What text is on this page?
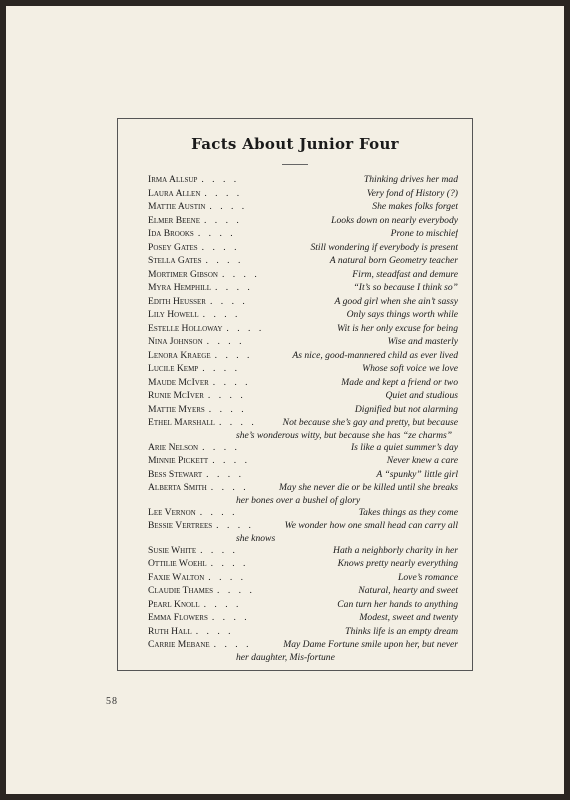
Facts About Junior Four
Irma Allsup . . . .	Thinking drives her mad
Laura Allen . . . .	Very fond of History (?)
Mattie Austin . . . .	She makes folks forget
Elmer Beene . . . .	Looks down on nearly everybody
Ida Brooks . . . .	Prone to mischief
Posey Gates . . . .	Still wondering if everybody is present
Stella Gates . . . .	A natural born Geometry teacher
Mortimer Gibson . . . .	Firm, steadfast and demure
Myra Hemphill . . . .	“It’s so because I think so”
Edith Heusser . . . .	A good girl when she ain’t sassy
Lily Howell . . . .	Only says things worth while
Estelle Holloway . . . .	Wit is her only excuse for being
Nina Johnson . . . .	Wise and masterly
Lenora Kraege . . . .	As nice, good-mannered child as ever lived
Lucile Kemp . . . .	Whose soft voice we love
Maude McIver . . . .	Made and kept a friend or two
Runie McIver . . . .	Quiet and studious
Mattie Myers . . . .	Dignified but not alarming
Ethel Marshall . . . .	Not because she’s gay and pretty, but because
she’s wonderous witty, but because she has “ze charms”
Arie Nelson . . . .	Is like a quiet summer’s day
Minnie Pickett . . . .	Never knew a care
Bess Stewart . . . .	A “spunky” little girl
Alberta Smith . . . .	May she never die or be killed until she breaks
her bones over a bushel of glory
Lee Vernon . . . .	Takes things as they come
Bessie Vertrees . . . .	We wonder how one small head can carry all
she knows
Susie White . . . .	Hath a neighborly charity in her
Ottilie Woehl . . . .	Knows pretty nearly everything
Faxie Walton . . . .	Love’s romance
Claudie Thames . . . .	Natural, hearty and sweet
Pearl Knoll . . . .	Can turn her hands to anything
Emma Flowers . . . .	Modest, sweet and twenty
Ruth Hall . . . .	Thinks life is an empty dream
Carrie Mebane . . . .	May Dame Fortune smile upon her, but never
her daughter, Mis-fortune
58
